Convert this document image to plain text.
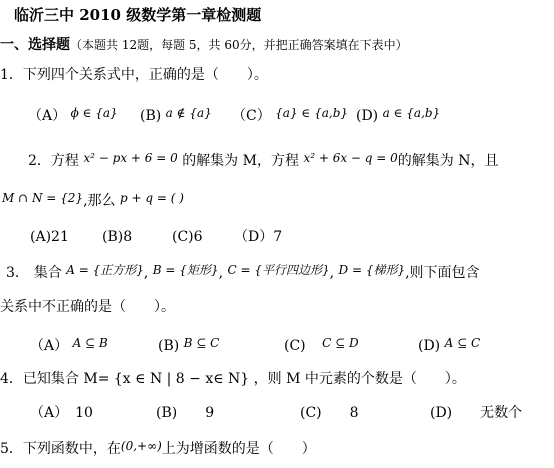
临沂三中 2010 级数学第一章检测题
一、选择题（本题共 12题，每题 5，共 60分，并把正确答案填在下表中）
1．下列四个关系式中，正确的是（　　）。
（A） ϕ ∈ {a} (B) a ∉ {a} （C） {a} ∈ {a,b} (D) a ∈ {a,b}
2．方程 x² − px + 6 = 0 的解集为 M，方程 x² + 6x − q = 0的解集为 N，且
M ∩ N = {2},那么 p + q = ( )
(A)21 (B)8	(C)6 （D）7
3. 集合 A = {正方形}, B = {矩形}, C = {平行四边形}, D = {梯形},则下面包含
关系中不正确的是（　　）。
（A） A ⊆ B	(B) B ⊆ C	(C) C ⊆ D	(D) A ⊆ C
4．已知集合 M= {x ∈ N | 8 − x∈ N} ，则 M 中元素的个数是（　　）。
（A）　10	(B)　　9	(C)　　8	(D)　　无数个
5．下列函数中，在(0,+∞)上为增函数的是（　　）
